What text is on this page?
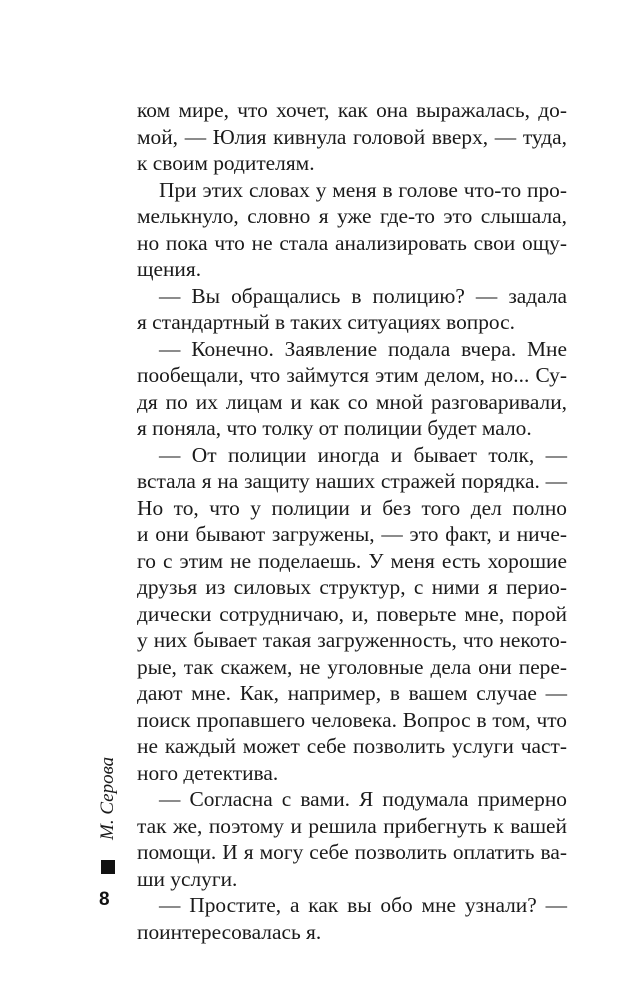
ком мире, что хочет, как она выражалась, до-
мой, — Юлия кивнула головой вверх, — туда,
к своим родителям.
При этих словах у меня в голове что-то про-
мелькнуло, словно я уже где-то это слышала,
но пока что не стала анализировать свои ощу-
щения.
— Вы обращались в полицию? — задала
я стандартный в таких ситуациях вопрос.
— Конечно. Заявление подала вчера. Мне
пообещали, что займутся этим делом, но... Су-
дя по их лицам и как со мной разговаривали,
я поняла, что толку от полиции будет мало.
— От полиции иногда и бывает толк, —
встала я на защиту наших стражей порядка. —
Но то, что у полиции и без того дел полно
и они бывают загружены, — это факт, и ниче-
го с этим не поделаешь. У меня есть хорошие
друзья из силовых структур, с ними я перио-
дически сотрудничаю, и, поверьте мне, порой
у них бывает такая загруженность, что некото-
рые, так скажем, не уголовные дела они пере-
дают мне. Как, например, в вашем случае —
поиск пропавшего человека. Вопрос в том, что
не каждый может себе позволить услуги част-
ного детектива.
— Согласна с вами. Я подумала примерно
так же, поэтому и решила прибегнуть к вашей
помощи. И я могу себе позволить оплатить ва-
ши услуги.
— Простите, а как вы обо мне узнали? —
поинтересовалась я.
М. Серова
8
